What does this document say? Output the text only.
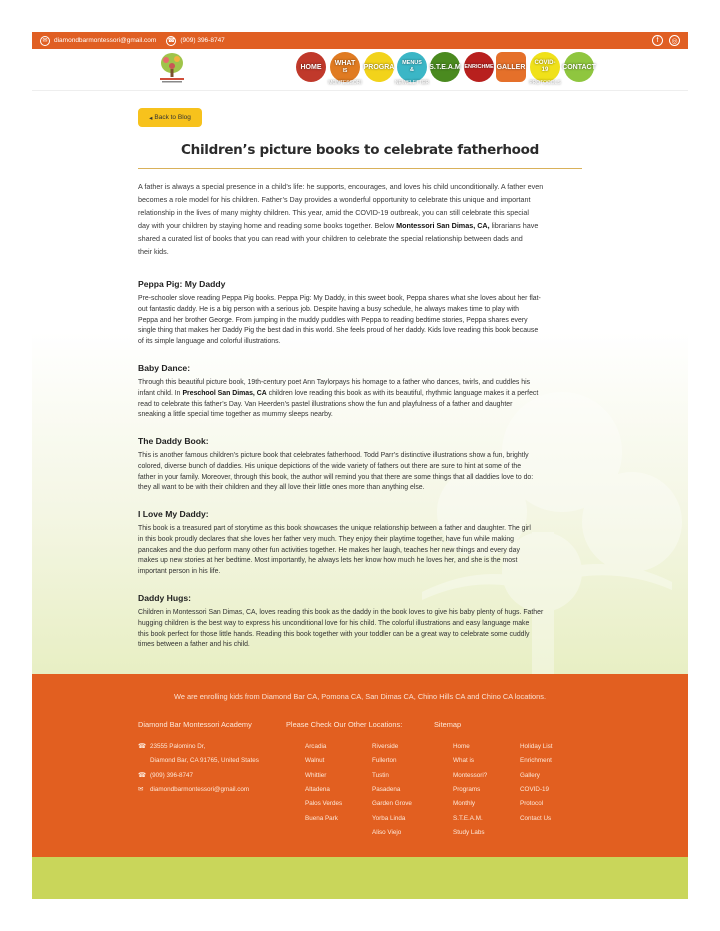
✉ diamondbarmontessori@gmail.com ☎ (909) 396-8747	f	◎
HOME
WHAT
IS
MONTESSORI
PROGRA
MENUS
&
NEWSLETTER
S.T.E.A.M ENRICHME GALLER
COVID-
19
PROTOCOLS
CONTACT
◂ Back to Blog
Children’s picture books to celebrate fatherhood
A father is always a special presence in a child’s life: he supports, encourages, and loves his child unconditionally. A father even
becomes a role model for his children. Father’s Day provides a wonderful opportunity to celebrate this unique and important
relationship in the lives of many mighty children. This year, amid the COVID-19 outbreak, you can still celebrate this special
day with your children by staying home and reading some books together. Below Montessori San Dimas, CA, librarians have
shared a curated list of books that you can read with your children to celebrate the special relationship between dads and
their kids.
Peppa Pig: My Daddy
Pre-schooler slove reading Peppa Pig books. Peppa Pig: My Daddy, in this sweet book, Peppa shares what she loves about her flat-
out fantastic daddy. He is a big person with a serious job. Despite having a busy schedule, he always makes time to play with
Peppa and her brother George. From jumping in the muddy puddles with Peppa to reading bedtime stories, Peppa shares every
single thing that makes her Daddy Pig the best dad in this world. She feels proud of her daddy. Kids love reading this book because
of its simple language and colorful illustrations.
Baby Dance:
Through this beautiful picture book, 19th-century poet Ann Taylorpays his homage to a father who dances, twirls, and cuddles his
infant child. In Preschool San Dimas, CA children love reading this book as with its beautiful, rhythmic language makes it a perfect
read to celebrate this father’s Day. Van Heerden’s pastel illustrations show the fun and playfulness of a father and daughter
sneaking a little special time together as mummy sleeps nearby.
The Daddy Book:
This is another famous children’s picture book that celebrates fatherhood. Todd Parr’s distinctive illustrations show a fun, brightly
colored, diverse bunch of daddies. His unique depictions of the wide variety of fathers out there are sure to hint at some of the
father in your family. Moreover, through this book, the author will remind you that there are some things that all daddies love to do:
they all want to be with their children and they all love their little ones more than anything else.
I Love My Daddy:
This book is a treasured part of storytime as this book showcases the unique relationship between a father and daughter. The girl
in this book proudly declares that she loves her father very much. They enjoy their playtime together, have fun while making
pancakes and the duo perform many other fun activities together. He makes her laugh, teaches her new things and every day
makes up new stories at her bedtime. Most importantly, he always lets her know how much he loves her, and she is the most
important person in his life.
Daddy Hugs:
Children in Montessori San Dimas, CA, loves reading this book as the daddy in the book loves to give his baby plenty of hugs. Father
hugging children is the best way to express his unconditional love for his child. The colorful illustrations and easy language make
this book perfect for those little hands. Reading this book together with your toddler can be a great way to celebrate some cuddly
times between a father and his child.
We are enrolling kids from Diamond Bar CA, Pomona CA, San Dimas CA, Chino Hills CA and Chino CA locations.
Diamond Bar Montessori Academy	Please Check Our Other Locations:	Sitemap
☎ 23555 Palomino Dr,
Diamond Bar, CA 91765, United States
☎ (909) 396-8747
✉ diamondbarmontessori@gmail.com
Arcadia
Walnut
Whittier
Altadena
Palos Verdes
Buena Park
Riverside
Fullerton
Tustin
Pasadena
Garden Grove
Yorba Linda
Aliso Viejo
Home
What is
Montessori?
Programs
Monthly
S.T.E.A.M.
Study Labs
Holiday List
Enrichment
Gallery
COVID-19
Protocol
Contact Us
